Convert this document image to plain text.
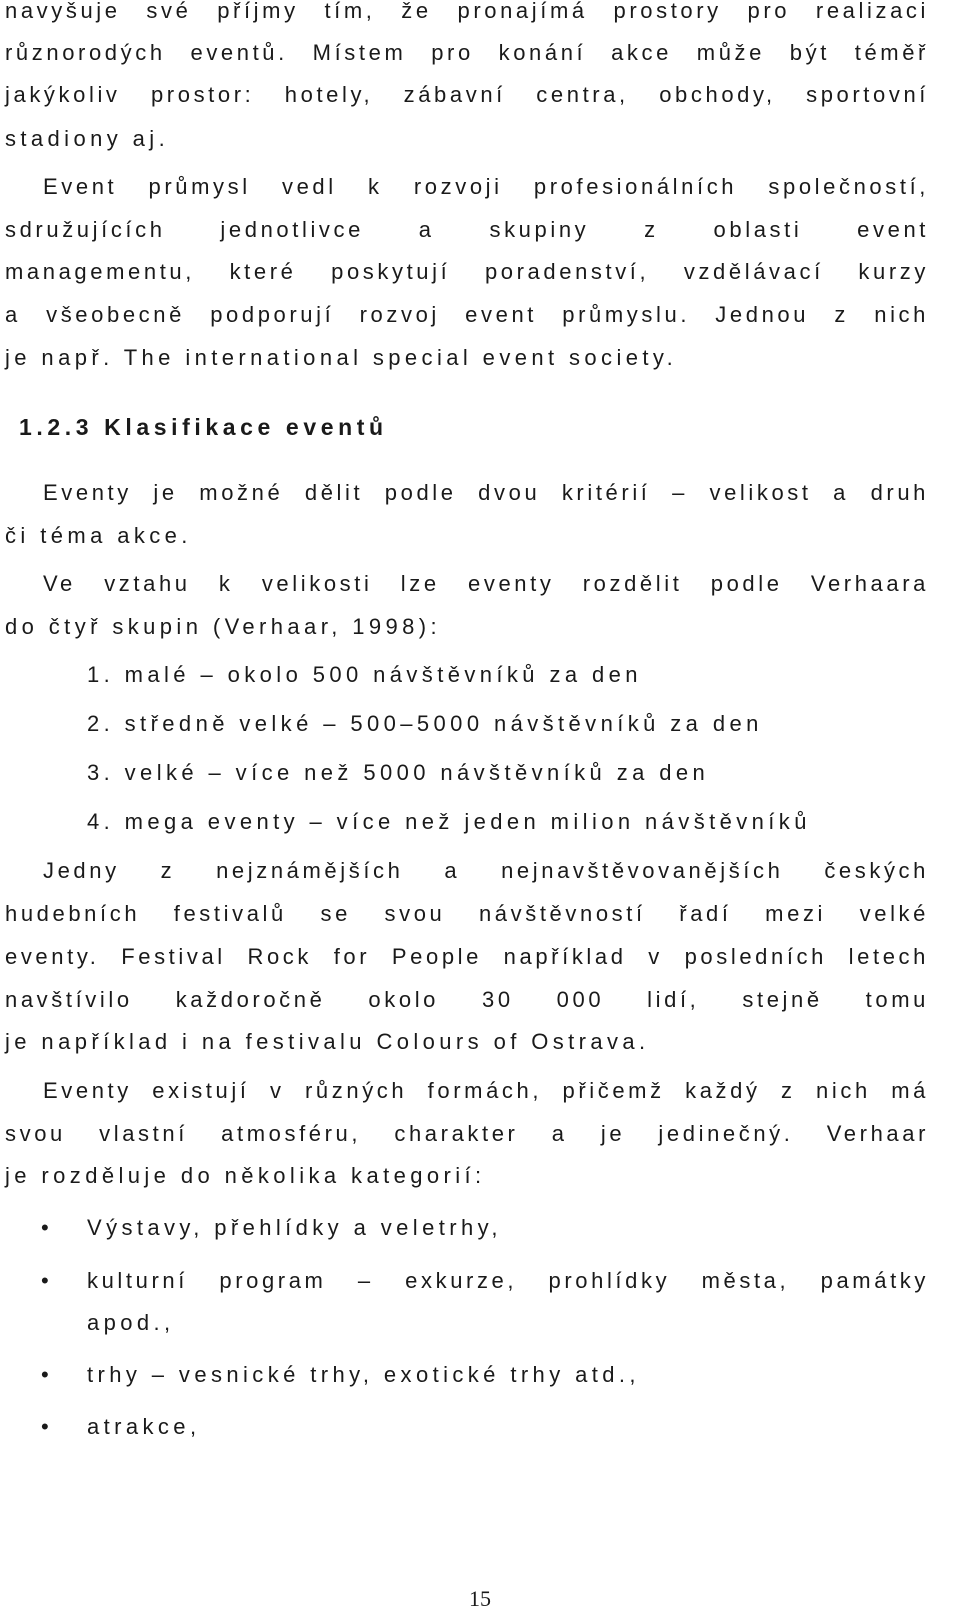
navyšuje své příjmy tím, že pronajímá prostory pro realizaci
různorodých eventů. Místem pro konání akce může být téměř
jakýkoliv prostor: hotely, zábavní centra, obchody, sportovní
stadiony aj.
Event průmysl vedl k rozvoji profesionálních společností,
sdružujících jednotlivce a skupiny z oblasti event
managementu, které poskytují poradenství, vzdělávací kurzy
a všeobecně podporují rozvoj event průmyslu. Jednou z nich
je např. The international special event society.
1.2.3 Klasifikace eventů
Eventy je možné dělit podle dvou kritérií – velikost a druh
či téma akce.
Ve vztahu k velikosti lze eventy rozdělit podle Verhaara
do čtyř skupin (Verhaar, 1998):
1. malé – okolo 500 návštěvníků za den
2. středně velké – 500–5000 návštěvníků za den
3. velké – více než 5000 návštěvníků za den
4. mega eventy – více než jeden milion návštěvníků
Jedny z nejznámějších a nejnavštěvovanějších českých
hudebních festivalů se svou návštěvností řadí mezi velké
eventy. Festival Rock for People například v posledních letech
navštívilo každoročně okolo 30 000 lidí, stejně tomu
je například i na festivalu Colours of Ostrava.
Eventy existují v různých formách, přičemž každý z nich má
svou vlastní atmosféru, charakter a je jedinečný. Verhaar
je rozděluje do několika kategorií:
• Výstavy, přehlídky a veletrhy,
• kulturní program – exkurze, prohlídky města, památky
apod.,
• trhy – vesnické trhy, exotické trhy atd.,
• atrakce,
15
